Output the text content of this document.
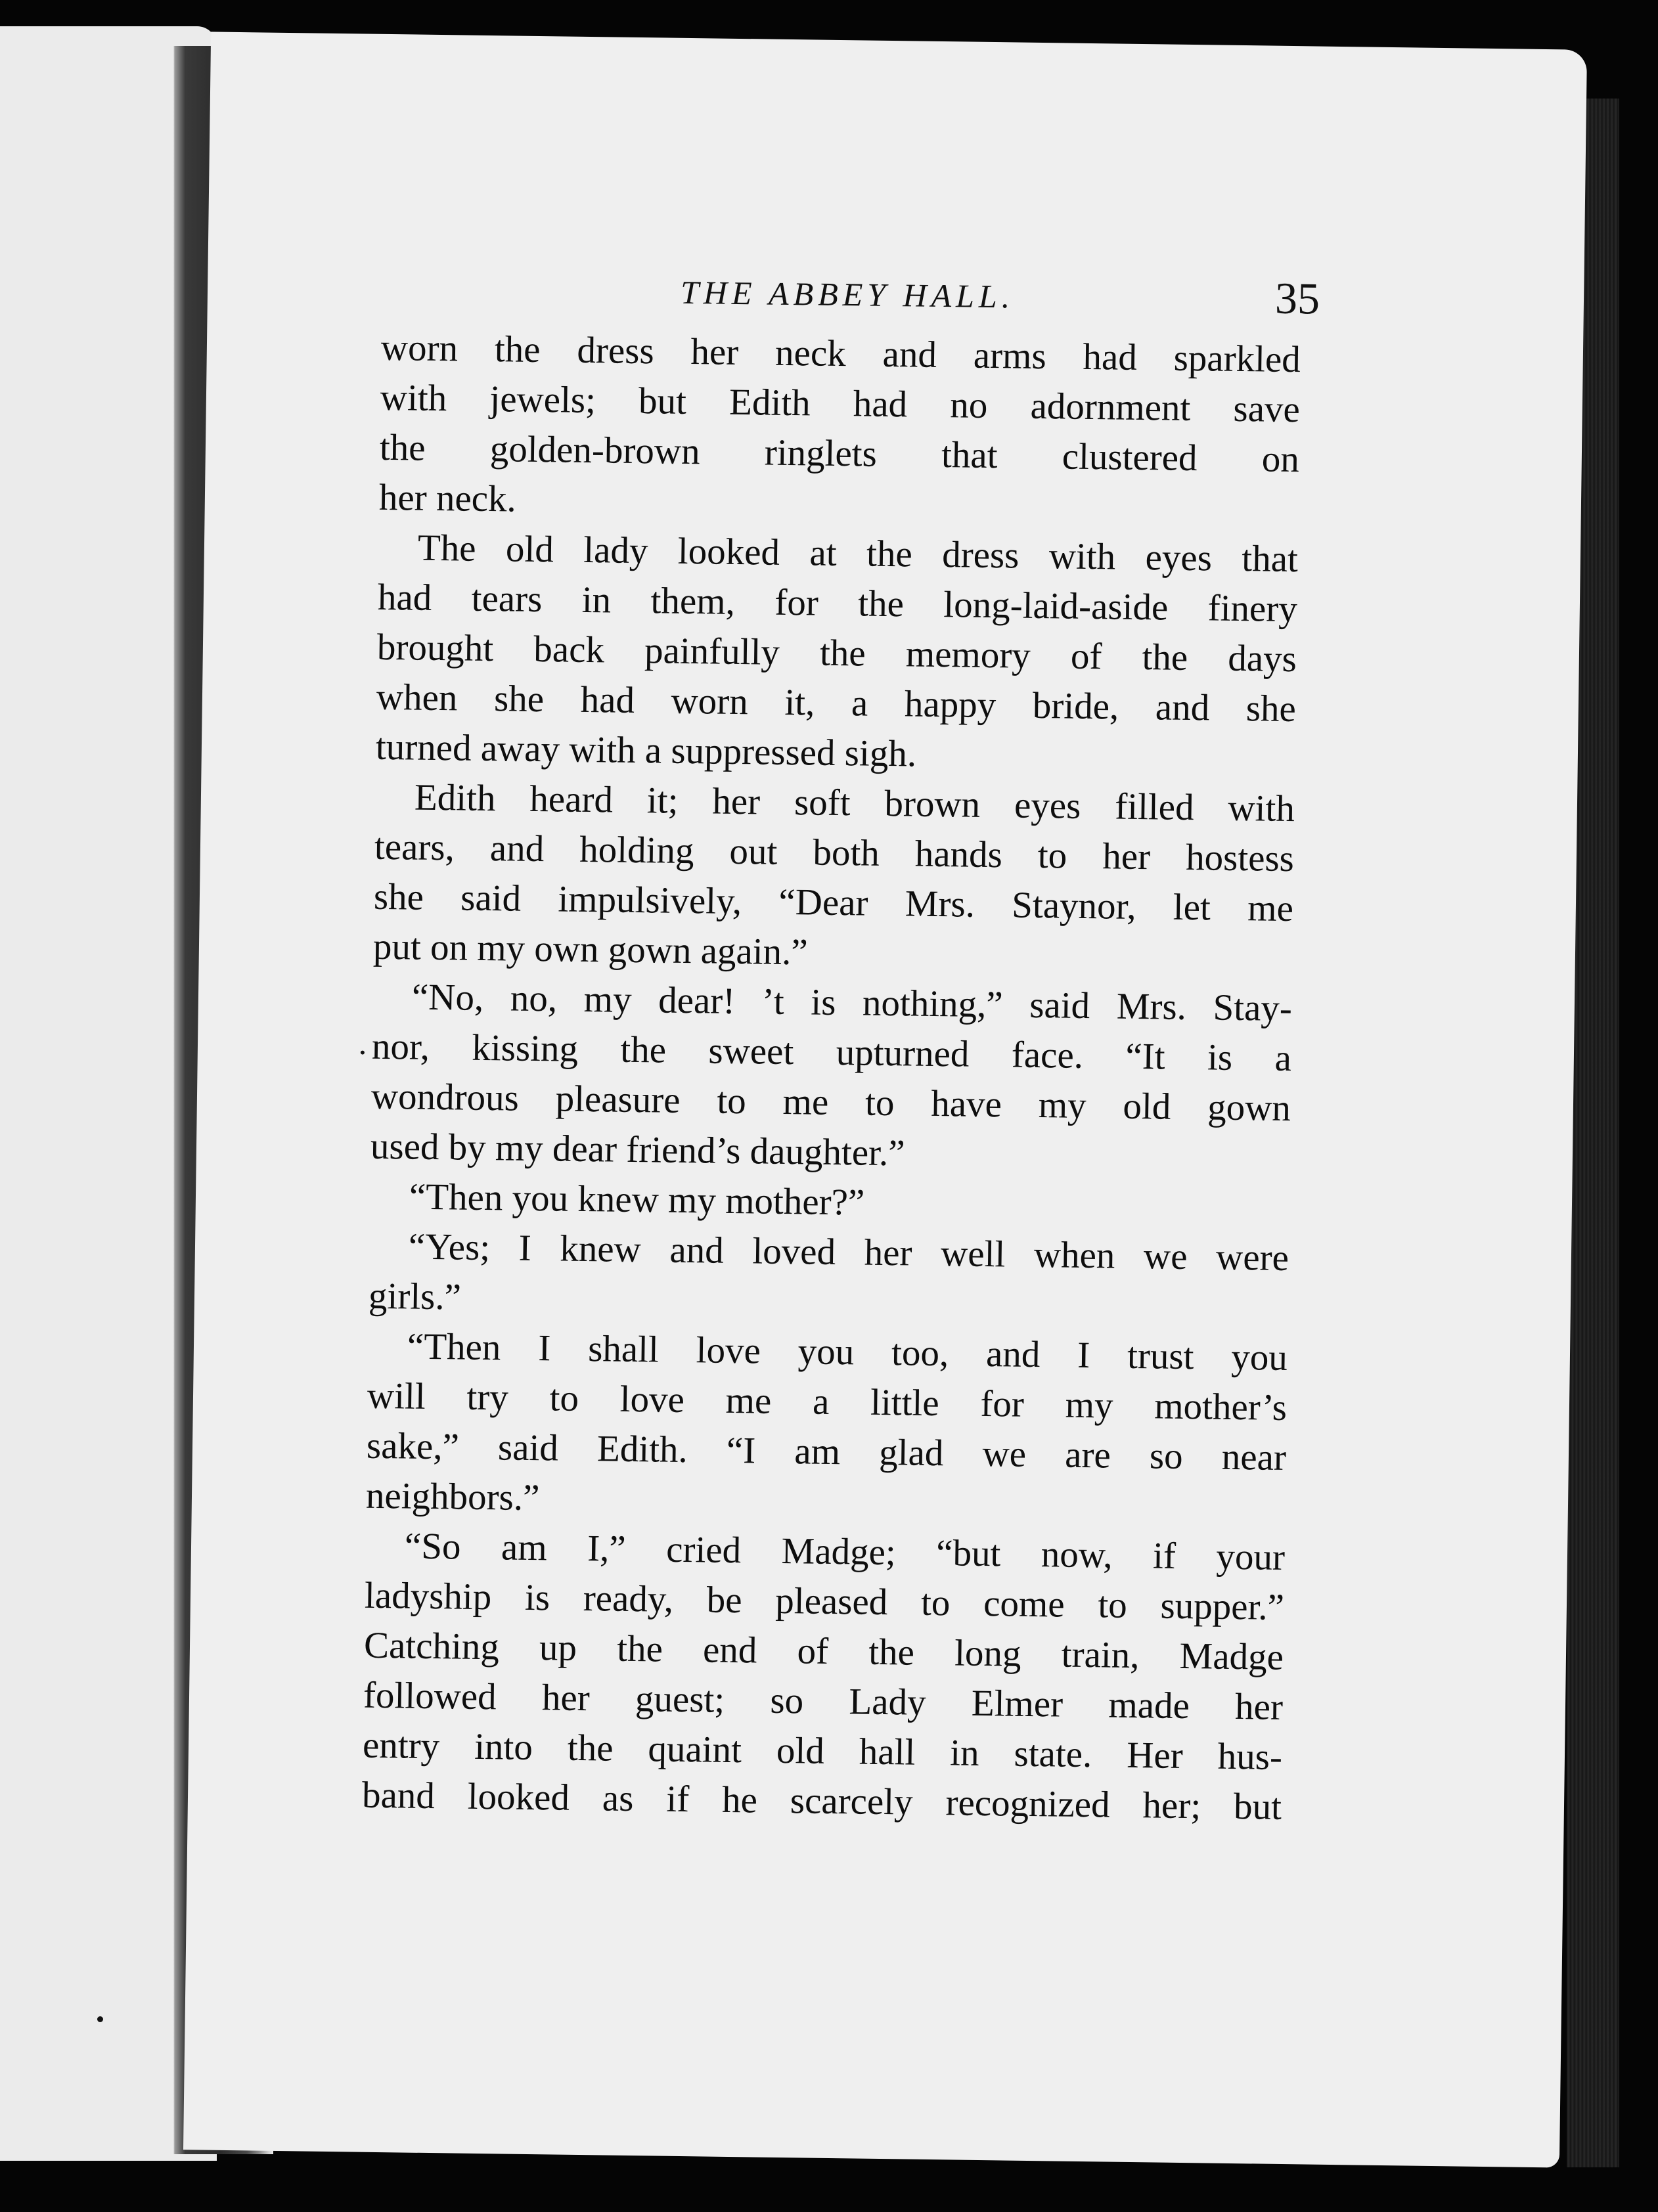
THE ABBEY HALL.	35
worn the dress her neck and arms had sparkled
with jewels; but Edith had no adornment save
the golden-brown ringlets that clustered on
her neck.
The old lady looked at the dress with eyes that
had tears in them, for the long-laid-aside finery
brought back painfully the memory of the days
when she had worn it, a happy bride, and she
turned away with a suppressed sigh.
Edith heard it; her soft brown eyes filled with
tears, and holding out both hands to her hostess
she said impulsively, “Dear Mrs. Staynor, let me
put on my own gown again.”
“No, no, my dear! ’t is nothing,” said Mrs. Stay-
nor, kissing the sweet upturned face. “It is a
wondrous pleasure to me to have my old gown
used by my dear friend’s daughter.”
“Then you knew my mother?”
“Yes; I knew and loved her well when we were
girls.”
“Then I shall love you too, and I trust you
will try to love me a little for my mother’s
sake,” said Edith. “I am glad we are so near
neighbors.”
“So am I,” cried Madge; “but now, if your
ladyship is ready, be pleased to come to supper.”
Catching up the end of the long train, Madge
followed her guest; so Lady Elmer made her
entry into the quaint old hall in state. Her hus-
band looked as if he scarcely recognized her; but
